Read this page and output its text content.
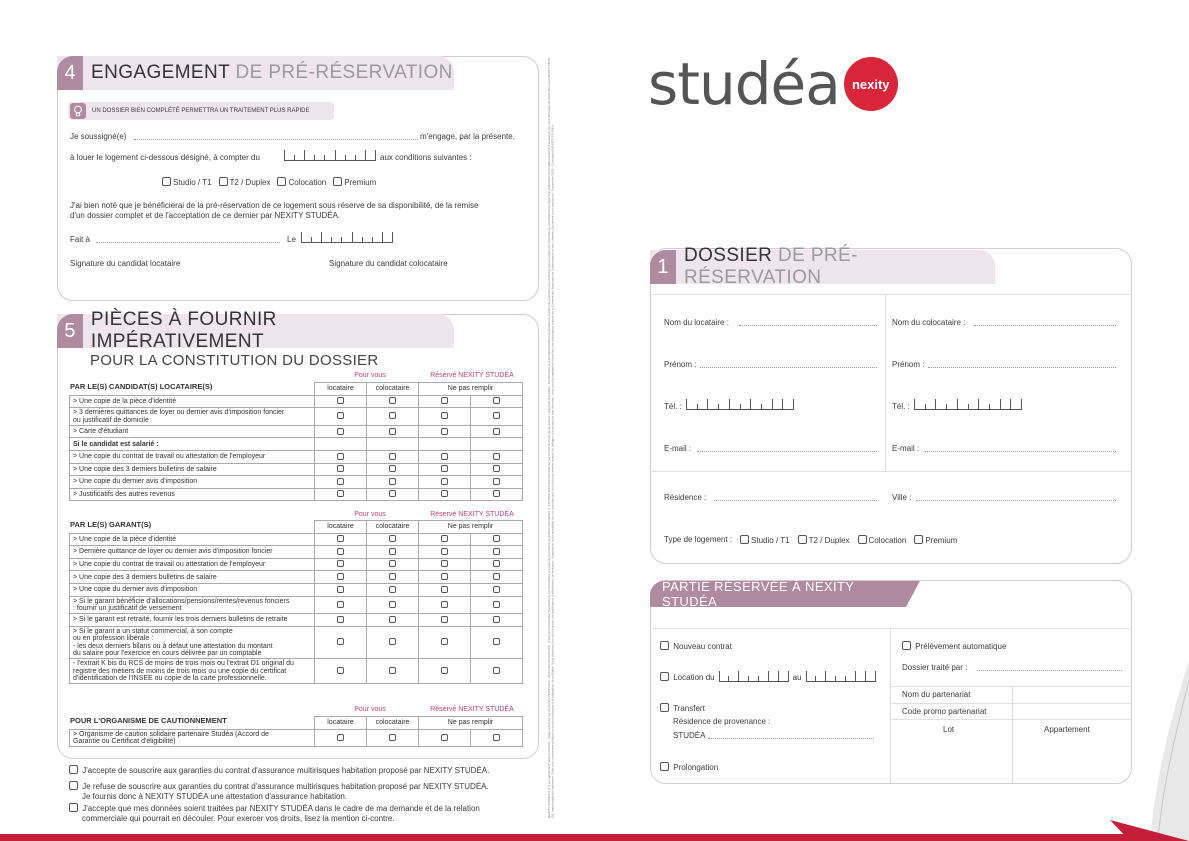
4 ENGAGEMENT DE PRÉ-RÉSERVATION
UN DOSSIER BIEN COMPLÉTÉ PERMETTRA UN TRAITEMENT PLUS RAPIDE
Je soussigné(e)	m'engage, par la présente,
à louer le logement ci-dessous désigné, à compter du	aux conditions suivantes :
Studio / T1	T2 / Duplex	Colocation	Premium
J'ai bien noté que je bénéficierai de la pré-réservation de ce logement sous réserve de sa disponibilité, de la remise
d'un dossier complet et de l'acceptation de ce dernier par NEXITY STUDÉA.
Fait à	Le
Signature du candidat locataire	Signature du candidat colocataire
5 PIÈCES À FOURNIR IMPÉRATIVEMENT
POUR LA CONSTITUTION DU DOSSIER
PAR LE(S) CANDIDAT(S) LOCATAIRE(S)
Pour vous	Réservé NEXITY STUDÉA
	locataire	colocataire	Ne pas remplir	
> Une copie de la pièce d'identité				
> 3 dernières quittances de loyer ou dernier avis d'imposition foncier
ou justificatif de domicile				
> Carte d'étudiant				
Si le candidat est salarié :				
> Une copie du contrat de travail ou attestation de l'employeur				
> Une copie des 3 derniers bulletins de salaire				
> Une copie du dernier avis d'imposition				
> Justificatifs des autres revenus				
PAR LE(S) GARANT(S)
Pour vous	Réservé NEXITY STUDÉA
	locataire	colocataire	Ne pas remplir	
> Une copie de la pièce d'identité				
> Dernière quittance de loyer ou dernier avis d'imposition foncier				
> Une copie du contrat de travail ou attestation de l'employeur				
> Une copie des 3 derniers bulletins de salaire				
> Une copie du dernier avis d'imposition				
> Si le garant bénéficie d'allocations/pensions/rentes/revenus fonciers
: fournir un justificatif de versement				
> Si le garant est retraité, fournir les trois derniers bulletins de retraite				
> Si le garant a un statut commercial, à son compte
ou en profession libérale :
- les deux derniers bilans ou à défaut une attestation du montant
du salaire pour l'exercice en cours délivrée par un comptable				
- l'extrait K bis du RCS de moins de trois mois ou l'extrait D1 original du
registre des métiers de moins de trois mois ou une copie du certificat
d'identification de l'INSEE ou copie de la carte professionnelle.				
POUR L'ORGANISME DE CAUTIONNEMENT
Pour vous	Réservé NEXITY STUDÉA
	locataire	colocataire	Ne pas remplir	
> Organisme de caution solidaire partenaire Studéa (Accord de
Garantie ou Certificat d'éligibilité)				
J'accepte de souscrire aux garanties du contrat d'assurance multirisques habitation proposé par NEXITY STUDÉA.
Je refuse de souscrire aux garanties du contrat d'assurance multirisques habitation proposé par NEXITY STUDÉA.
Je fournis donc à NEXITY STUDÉA une attestation d'assurance habitation.
J'accepte que mes données soient traitées par NEXITY STUDÉA dans le cadre de ma demande et de la relation
commerciale qui pourrait en découler. Pour exercer vos droits, lisez la mention ci-contre.
NEXITY STUDÉA S.A.S au capital de 8 millions d'euros - Siège social 19 rue de Vienne 75008 Paris - RCS Paris 414 000 000 - Carte professionnelle Transactions sur immeubles et fonds de commerce et Gestion immobilière n° CPI 7501 2016 000 000 délivrée par la CCI de Paris Ile-de-France - Garantie financière - Conformément à la réglementation applicable en matière de protection des données personnelles, les informations recueillies font l'objet d'un traitement informatique destiné à la gestion de votre demande de réservation par NEXITY STUDÉA, responsable de traitement. Elles sont conservées pendant la durée nécessaire à la réalisation de la finalité. Vous disposez d'un droit d'accès, de rectification, d'effacement, de limitation, d'opposition et de portabilité de vos données que vous pouvez exercer auprès du délégué à la protection des données. Vous pouvez également introduire une réclamation auprès de la Commission Nationale de l'Informatique et des Libertés. Document non contractuel - Décembre 2023 - Conception NEXITY STUDÉA.
studéa nexity
1 DOSSIER DE PRÉ-RÉSERVATION
Nom du locataire :	Nom du colocataire :
Prénom :	Prénom :
Tél. :	Tél. :
E-mail :	E-mail :
Résidence :	Ville :
Type de logement :	Studio / T1	T2 / Duplex	Colocation	Premium
PARTIE RÉSERVÉE À NEXITY STUDÉA
Nouveau contrat
Location du	au
Transfert
Résidence de provenance :
STUDÉA
Prolongation
Prélèvement automatique
Dossier traité par :
Nom du partenariat
Code promo partenariat
Lot	Appartement
